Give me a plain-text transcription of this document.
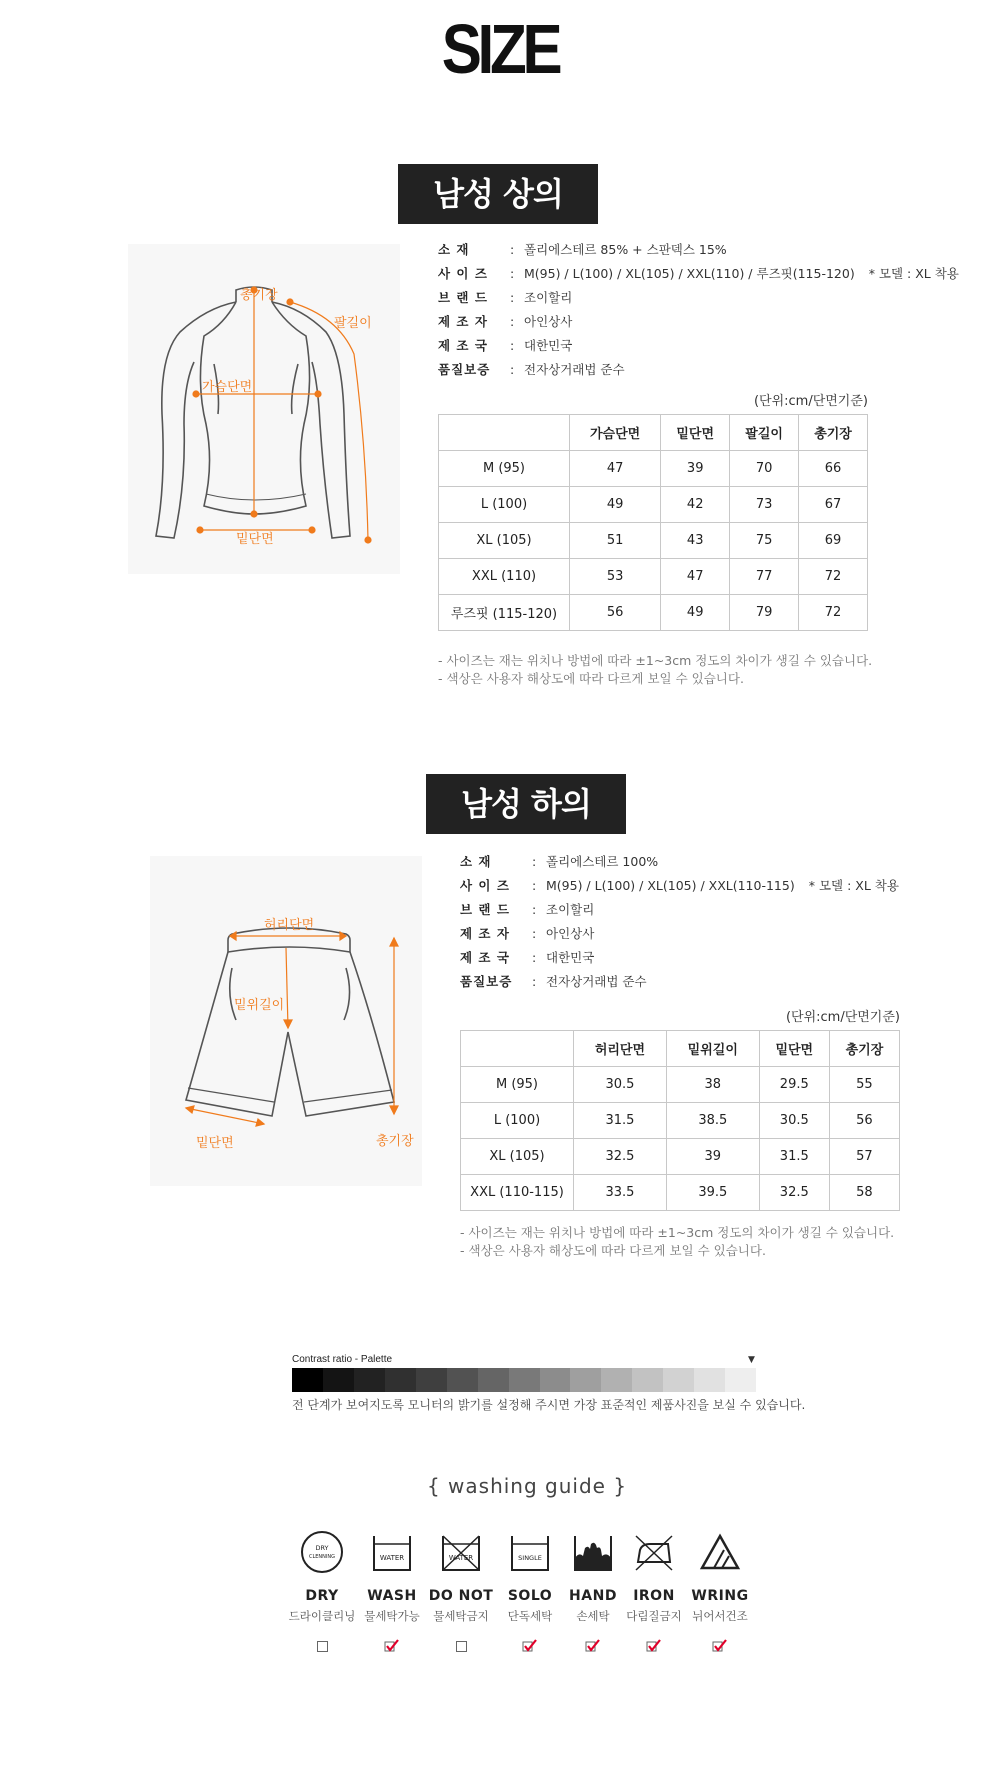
SIZE
남성 상의
총기장
팔길이
가슴단면
밑단면
소 재	: 폴리에스테르 85% + 스판덱스 15%
사 이 즈	: M(95) / L(100) / XL(105) / XXL(110) / 루즈핏(115-120) * 모델 : XL 착용
브 랜 드	: 조이할리
제 조 자	: 아인상사
제 조 국	: 대한민국
품질보증	: 전자상거래법 준수
(단위:cm/단면기준)
	가슴단면	밑단면	팔길이	총기장
M (95)	47	39	70	66
L (100)	49	42	73	67
XL (105)	51	43	75	69
XXL (110)	53	47	77	72
루즈핏 (115-120)	56	49	79	72
- 사이즈는 재는 위치나 방법에 따라 ±1~3cm 정도의 차이가 생길 수 있습니다.
- 색상은 사용자 해상도에 따라 다르게 보일 수 있습니다.
남성 하의
허리단면
밑위길이
밑단면	총기장
소 재	: 폴리에스테르 100%
사 이 즈	: M(95) / L(100) / XL(105) / XXL(110-115) * 모델 : XL 착용
브 랜 드	: 조이할리
제 조 자	: 아인상사
제 조 국	: 대한민국
품질보증	: 전자상거래법 준수
(단위:cm/단면기준)
	허리단면	밑위길이	밑단면	총기장
M (95)	30.5	38	29.5	55
L (100)	31.5	38.5	30.5	56
XL (105)	32.5	39	31.5	57
XXL (110-115)	33.5	39.5	32.5	58
- 사이즈는 재는 위치나 방법에 따라 ±1~3cm 정도의 차이가 생길 수 있습니다.
- 색상은 사용자 해상도에 따라 다르게 보일 수 있습니다.
Contrast ratio - Palette	▼
전 단계가 보여지도록 모니터의 밝기를 설정해 주시면 가장 표준적인 제품사진을 보실 수 있습니다.
{ washing guide }
DRY
CLENNING
DRY
드라이클리닝
WATER
WASH
물세탁가능
WATER
DO NOT
물세탁금지
SINGLE
SOLO
단독세탁
HAND
손세탁
IRON
다림질금지
WRING
뉘어서건조
